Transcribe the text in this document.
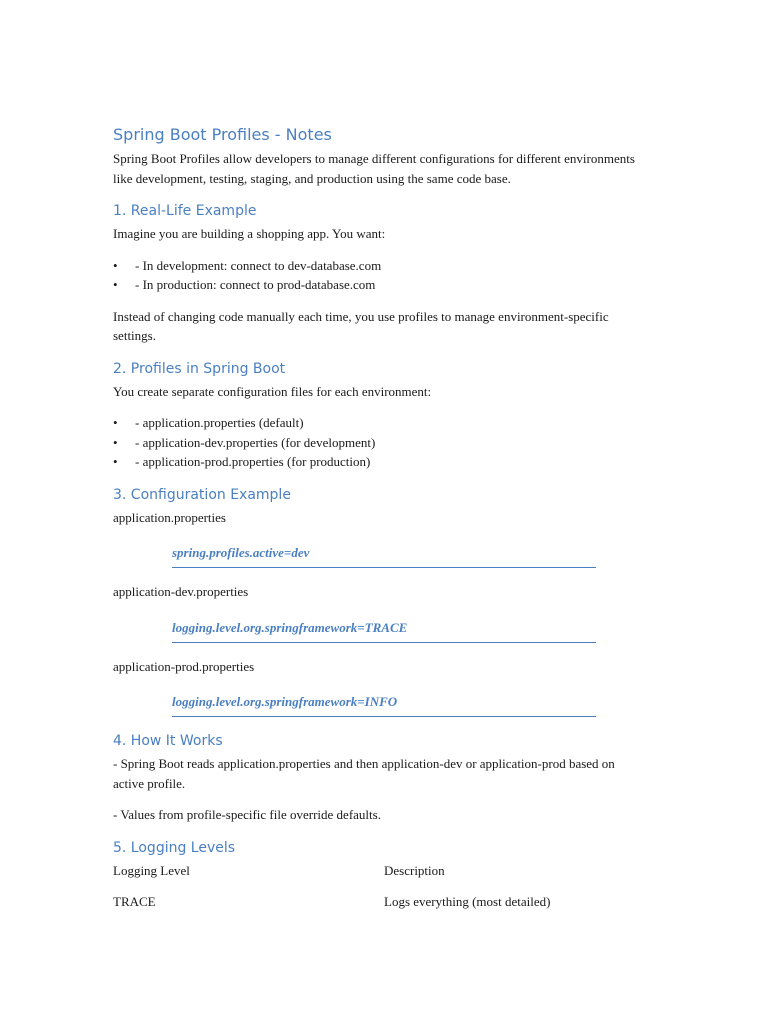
Spring Boot Profiles - Notes

Spring Boot Profiles allow developers to manage different configurations for different environments like development, testing, staging, and production using the same code base.

1. Real-Life Example

Imagine you are building a shopping app. You want:

• - In development: connect to dev-database.com
• - In production: connect to prod-database.com

Instead of changing code manually each time, you use profiles to manage environment-specific settings.

2. Profiles in Spring Boot

You create separate configuration files for each environment:

• - application.properties (default)
• - application-dev.properties (for development)
• - application-prod.properties (for production)
3. Configuration Example

application.properties

spring.profiles.active=dev

application-dev.properties

logging.level.org.springframework=TRACE

application-prod.properties

logging.level.org.springframework=INFO
4. How It Works

- Spring Boot reads application.properties and then application-dev or application-prod based on active profile.

- Values from profile-specific file override defaults.

5. Logging Levels
Logging Level	Description
TRACE	Logs everything (most detailed)
